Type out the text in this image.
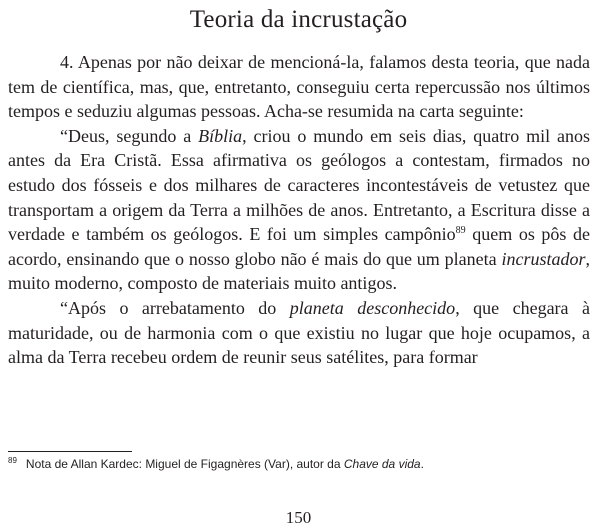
Teoria da incrustação

4. Apenas por não deixar de mencioná-la, falamos desta teoria, que nada tem de científica, mas, que, entretanto, conseguiu certa repercussão nos últimos tempos e seduziu algumas pessoas. Acha-se resumida na carta seguinte:

“Deus, segundo a Bíblia, criou o mundo em seis dias, quatro mil anos antes da Era Cristã. Essa afirmativa os geólogos a contestam, firmados no estudo dos fósseis e dos milhares de caracteres incontestáveis de vetustez que transportam a origem da Terra a milhões de anos. Entretanto, a Escritura disse a verdade e também os geólogos. E foi um simples campônio$^{89}$ quem os pôs de acordo, ensinando que o nosso globo não é mais do que um planeta incrustador, muito moderno, composto de materiais muito antigos.

“Após o arrebatamento do planeta desconhecido, que chegara à maturidade, ou de harmonia com o que existiu no lugar que hoje ocupamos, a alma da Terra recebeu ordem de reunir seus satélites, para formar

$^{89}$ Nota de Allan Kardec: Miguel de Figagnères (Var), autor da Chave da vida.
150
